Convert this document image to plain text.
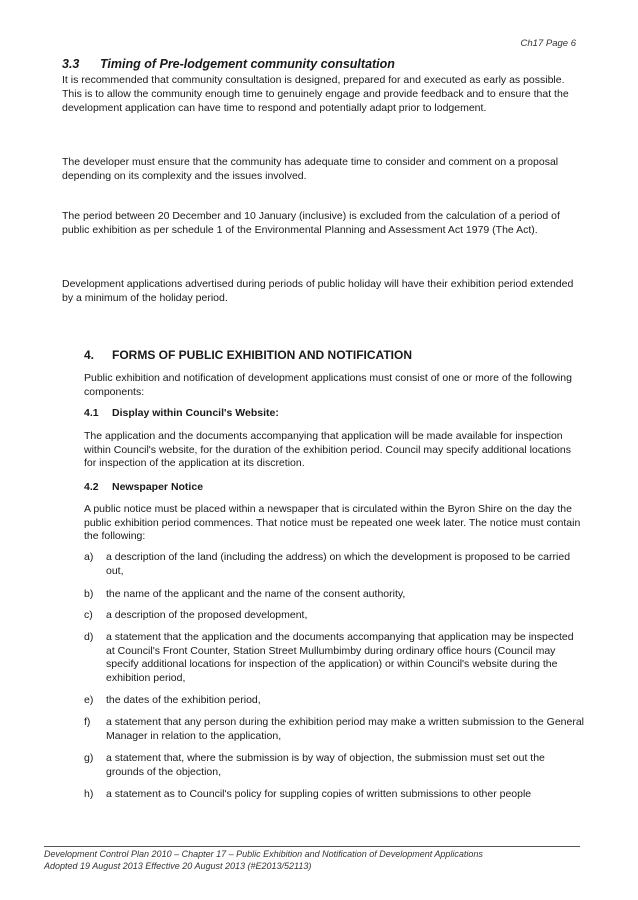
Ch17 Page 6
3.3 Timing of Pre-lodgement community consultation

It is recommended that community consultation is designed, prepared for and executed as early as possible. This is to allow the community enough time to genuinely engage and provide feedback and to ensure that the development application can have time to respond and potentially adapt prior to lodgement.

The developer must ensure that the community has adequate time to consider and comment on a proposal depending on its complexity and the issues involved.

The period between 20 December and 10 January (inclusive) is excluded from the calculation of a period of public exhibition as per schedule 1 of the Environmental Planning and Assessment Act 1979 (The Act).

Development applications advertised during periods of public holiday will have their exhibition period extended by a minimum of the holiday period.

4. FORMS OF PUBLIC EXHIBITION AND NOTIFICATION

Public exhibition and notification of development applications must consist of one or more of the following components:

4.1 Display within Council's Website:

The application and the documents accompanying that application will be made available for inspection within Council's website, for the duration of the exhibition period. Council may specify additional locations for inspection of the application at its discretion.

4.2 Newspaper Notice

A public notice must be placed within a newspaper that is circulated within the Byron Shire on the day the public exhibition period commences. That notice must be repeated one week later. The notice must contain the following:

a)	a description of the land (including the address) on which the development is proposed to be carried out,
b)	the name of the applicant and the name of the consent authority,
c)	a description of the proposed development,
d)	a statement that the application and the documents accompanying that application may be inspected at Council's Front Counter, Station Street Mullumbimby during ordinary office hours (Council may specify additional locations for inspection of the application) or within Council's website during the exhibition period,
e)	the dates of the exhibition period,
f)	a statement that any person during the exhibition period may make a written submission to the General Manager in relation to the application,
g)	a statement that, where the submission is by way of objection, the submission must set out the grounds of the objection,
h)	a statement as to Council's policy for suppling copies of written submissions to other people
Development Control Plan 2010 – Chapter 17 – Public Exhibition and Notification of Development Applications
Adopted 19 August 2013 Effective 20 August 2013 (#E2013/52113)
